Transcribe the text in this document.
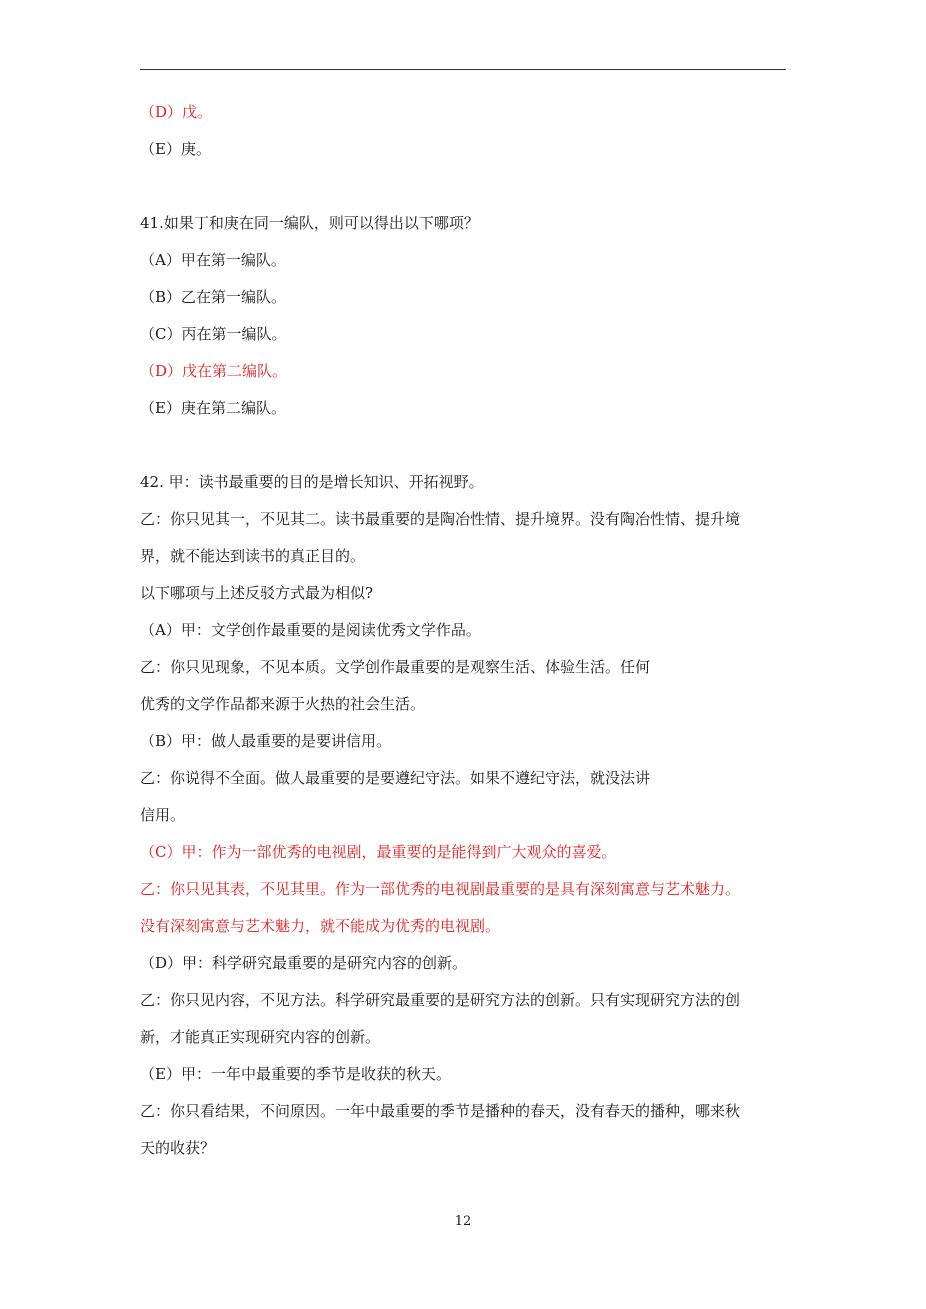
（D）戊。
（E）庚。
41.如果丁和庚在同一编队，则可以得出以下哪项？
（A）甲在第一编队。
（B）乙在第一编队。
（C）丙在第一编队。
（D）戊在第二编队。
（E）庚在第二编队。
42. 甲：读书最重要的目的是增长知识、开拓视野。
乙：你只见其一，不见其二。读书最重要的是陶冶性情、提升境界。没有陶冶性情、提升境
界，就不能达到读书的真正目的。
以下哪项与上述反驳方式最为相似?
（A）甲：文学创作最重要的是阅读优秀文学作品。
乙：你只见现象，不见本质。文学创作最重要的是观察生活、体验生活。任何
优秀的文学作品都来源于火热的社会生活。
（B）甲：做人最重要的是要讲信用。
乙：你说得不全面。做人最重要的是要遵纪守法。如果不遵纪守法，就没法讲
信用。
（C）甲：作为一部优秀的电视剧，最重要的是能得到广大观众的喜爱。
乙：你只见其表，不见其里。作为一部优秀的电视剧最重要的是具有深刻寓意与艺术魅力。
没有深刻寓意与艺术魅力，就不能成为优秀的电视剧。
（D）甲：科学研究最重要的是研究内容的创新。
乙：你只见内容，不见方法。科学研究最重要的是研究方法的创新。只有实现研究方法的创
新，才能真正实现研究内容的创新。
（E）甲：一年中最重要的季节是收获的秋天。
乙：你只看结果，不问原因。一年中最重要的季节是播种的春天，没有春天的播种，哪来秋
天的收获？
12
